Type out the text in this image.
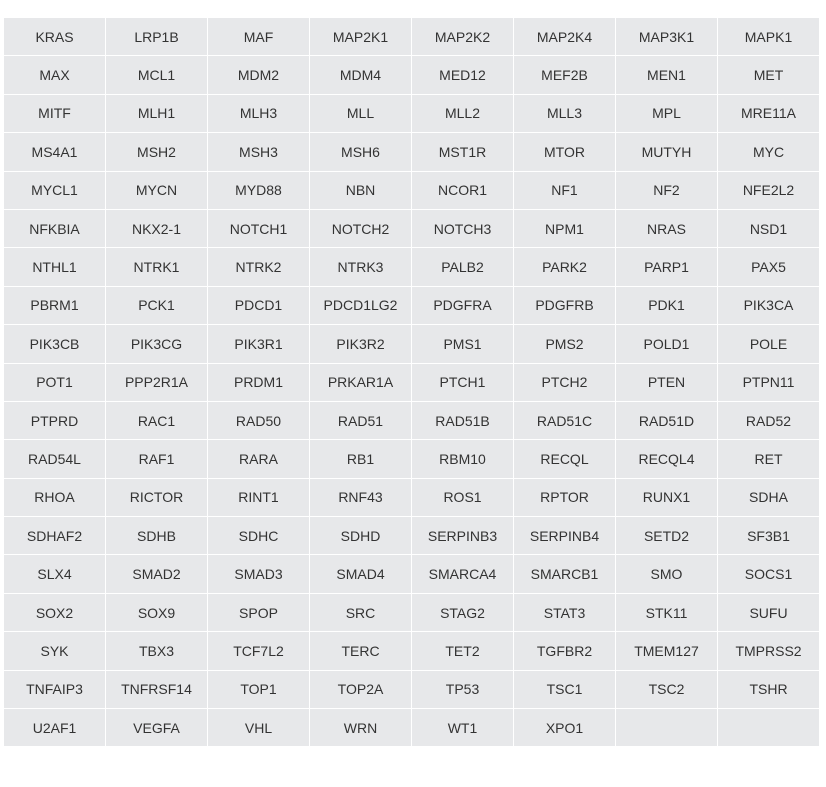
KRAS	LRP1B	MAF	MAP2K1	MAP2K2	MAP2K4	MAP3K1	MAPK1
MAX	MCL1	MDM2	MDM4	MED12	MEF2B	MEN1	MET
MITF	MLH1	MLH3	MLL	MLL2	MLL3	MPL	MRE11A
MS4A1	MSH2	MSH3	MSH6	MST1R	MTOR	MUTYH	MYC
MYCL1	MYCN	MYD88	NBN	NCOR1	NF1	NF2	NFE2L2
NFKBIA	NKX2-1	NOTCH1	NOTCH2	NOTCH3	NPM1	NRAS	NSD1
NTHL1	NTRK1	NTRK2	NTRK3	PALB2	PARK2	PARP1	PAX5
PBRM1	PCK1	PDCD1	PDCD1LG2	PDGFRA	PDGFRB	PDK1	PIK3CA
PIK3CB	PIK3CG	PIK3R1	PIK3R2	PMS1	PMS2	POLD1	POLE
POT1	PPP2R1A	PRDM1	PRKAR1A	PTCH1	PTCH2	PTEN	PTPN11
PTPRD	RAC1	RAD50	RAD51	RAD51B	RAD51C	RAD51D	RAD52
RAD54L	RAF1	RARA	RB1	RBM10	RECQL	RECQL4	RET
RHOA	RICTOR	RINT1	RNF43	ROS1	RPTOR	RUNX1	SDHA
SDHAF2	SDHB	SDHC	SDHD	SERPINB3	SERPINB4	SETD2	SF3B1
SLX4	SMAD2	SMAD3	SMAD4	SMARCA4	SMARCB1	SMO	SOCS1
SOX2	SOX9	SPOP	SRC	STAG2	STAT3	STK11	SUFU
SYK	TBX3	TCF7L2	TERC	TET2	TGFBR2	TMEM127	TMPRSS2
TNFAIP3	TNFRSF14	TOP1	TOP2A	TP53	TSC1	TSC2	TSHR
U2AF1	VEGFA	VHL	WRN	WT1	XPO1		
